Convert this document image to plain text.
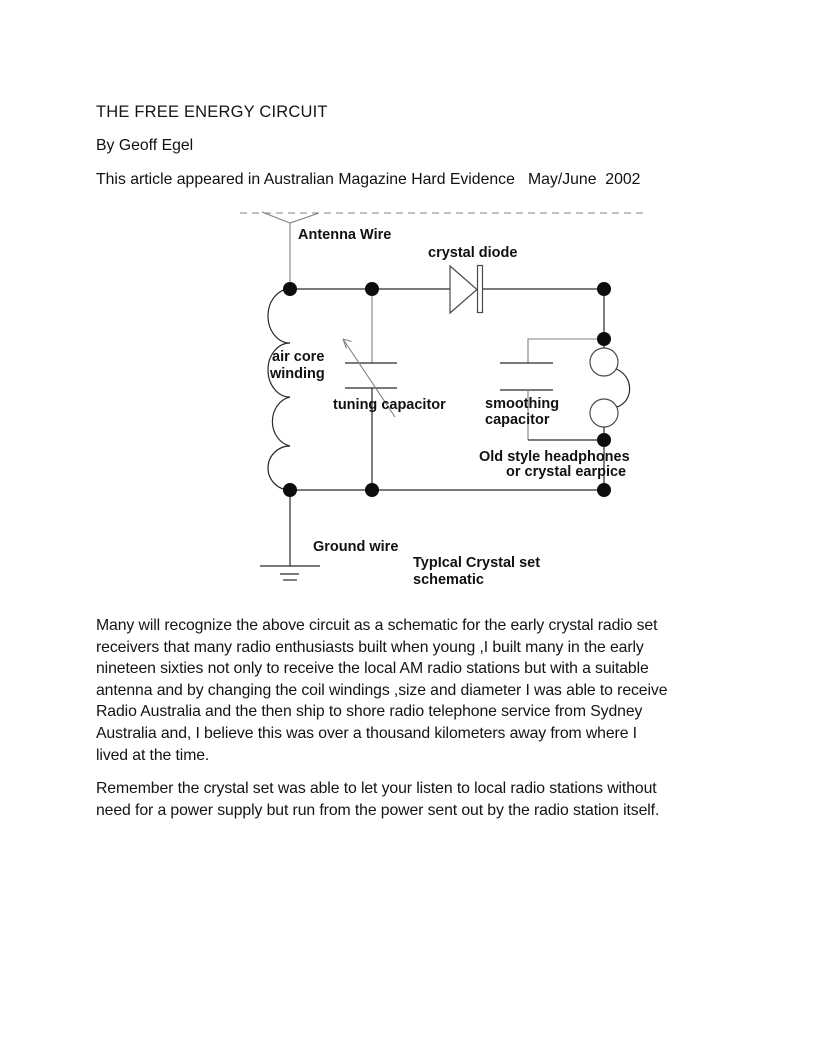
THE FREE ENERGY CIRCUIT
By Geoff Egel
This article appeared in Australian Magazine Hard Evidence   May/June  2002
Antenna Wire
crystal diode
air core
winding
tuning capacitor	smoothing
capacitor
Old style headphones
or crystal earpice
Ground wire
TypIcal Crystal set
schematic
Many will recognize the above circuit as a schematic for the early crystal radio set
receivers that many radio enthusiasts built when young ,I built many in the early
nineteen sixties not only to receive the local AM radio stations but with a suitable
antenna and by changing the coil windings ,size and diameter I was able to receive
Radio Australia and the then ship to shore radio telephone service from Sydney
Australia and, I believe this was over a thousand kilometers away from where I
lived at the time.
Remember the crystal set was able to let your listen to local radio stations without
need for a power supply but run from the power sent out by the radio station itself.
